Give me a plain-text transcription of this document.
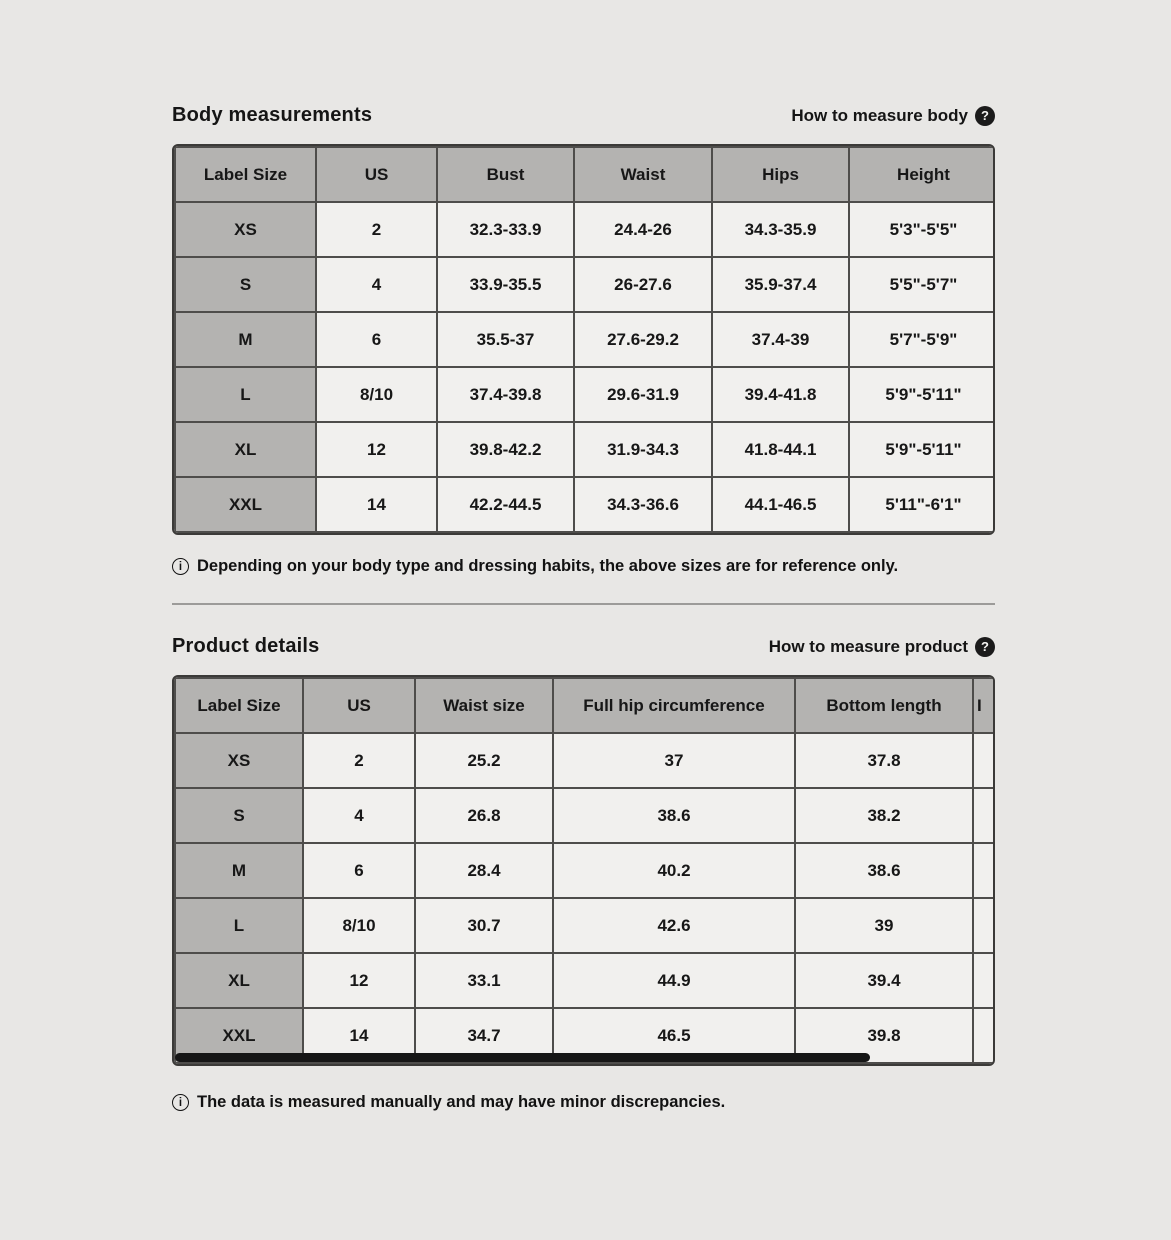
Body measurements	How to measure body	?
Label Size	US	Bust	Waist	Hips	Height
XS	2	32.3-33.9	24.4-26	34.3-35.9	5'3"-5'5"
S	4	33.9-35.5	26-27.6	35.9-37.4	5'5"-5'7"
M	6	35.5-37	27.6-29.2	37.4-39	5'7"-5'9"
L	8/10	37.4-39.8	29.6-31.9	39.4-41.8	5'9"-5'11"
XL	12	39.8-42.2	31.9-34.3	41.8-44.1	5'9"-5'11"
XXL	14	42.2-44.5	34.3-36.6	44.1-46.5	5'11"-6'1"
i Depending on your body type and dressing habits, the above sizes are for reference only.
Product details	How to measure product	?
Label Size	US	Waist size	Full hip circumference	Bottom length	I
XS	2	25.2	37	37.8	
S	4	26.8	38.6	38.2	
M	6	28.4	40.2	38.6	
L	8/10	30.7	42.6	39	
XL	12	33.1	44.9	39.4	
XXL	14	34.7	46.5	39.8	
i The data is measured manually and may have minor discrepancies.
